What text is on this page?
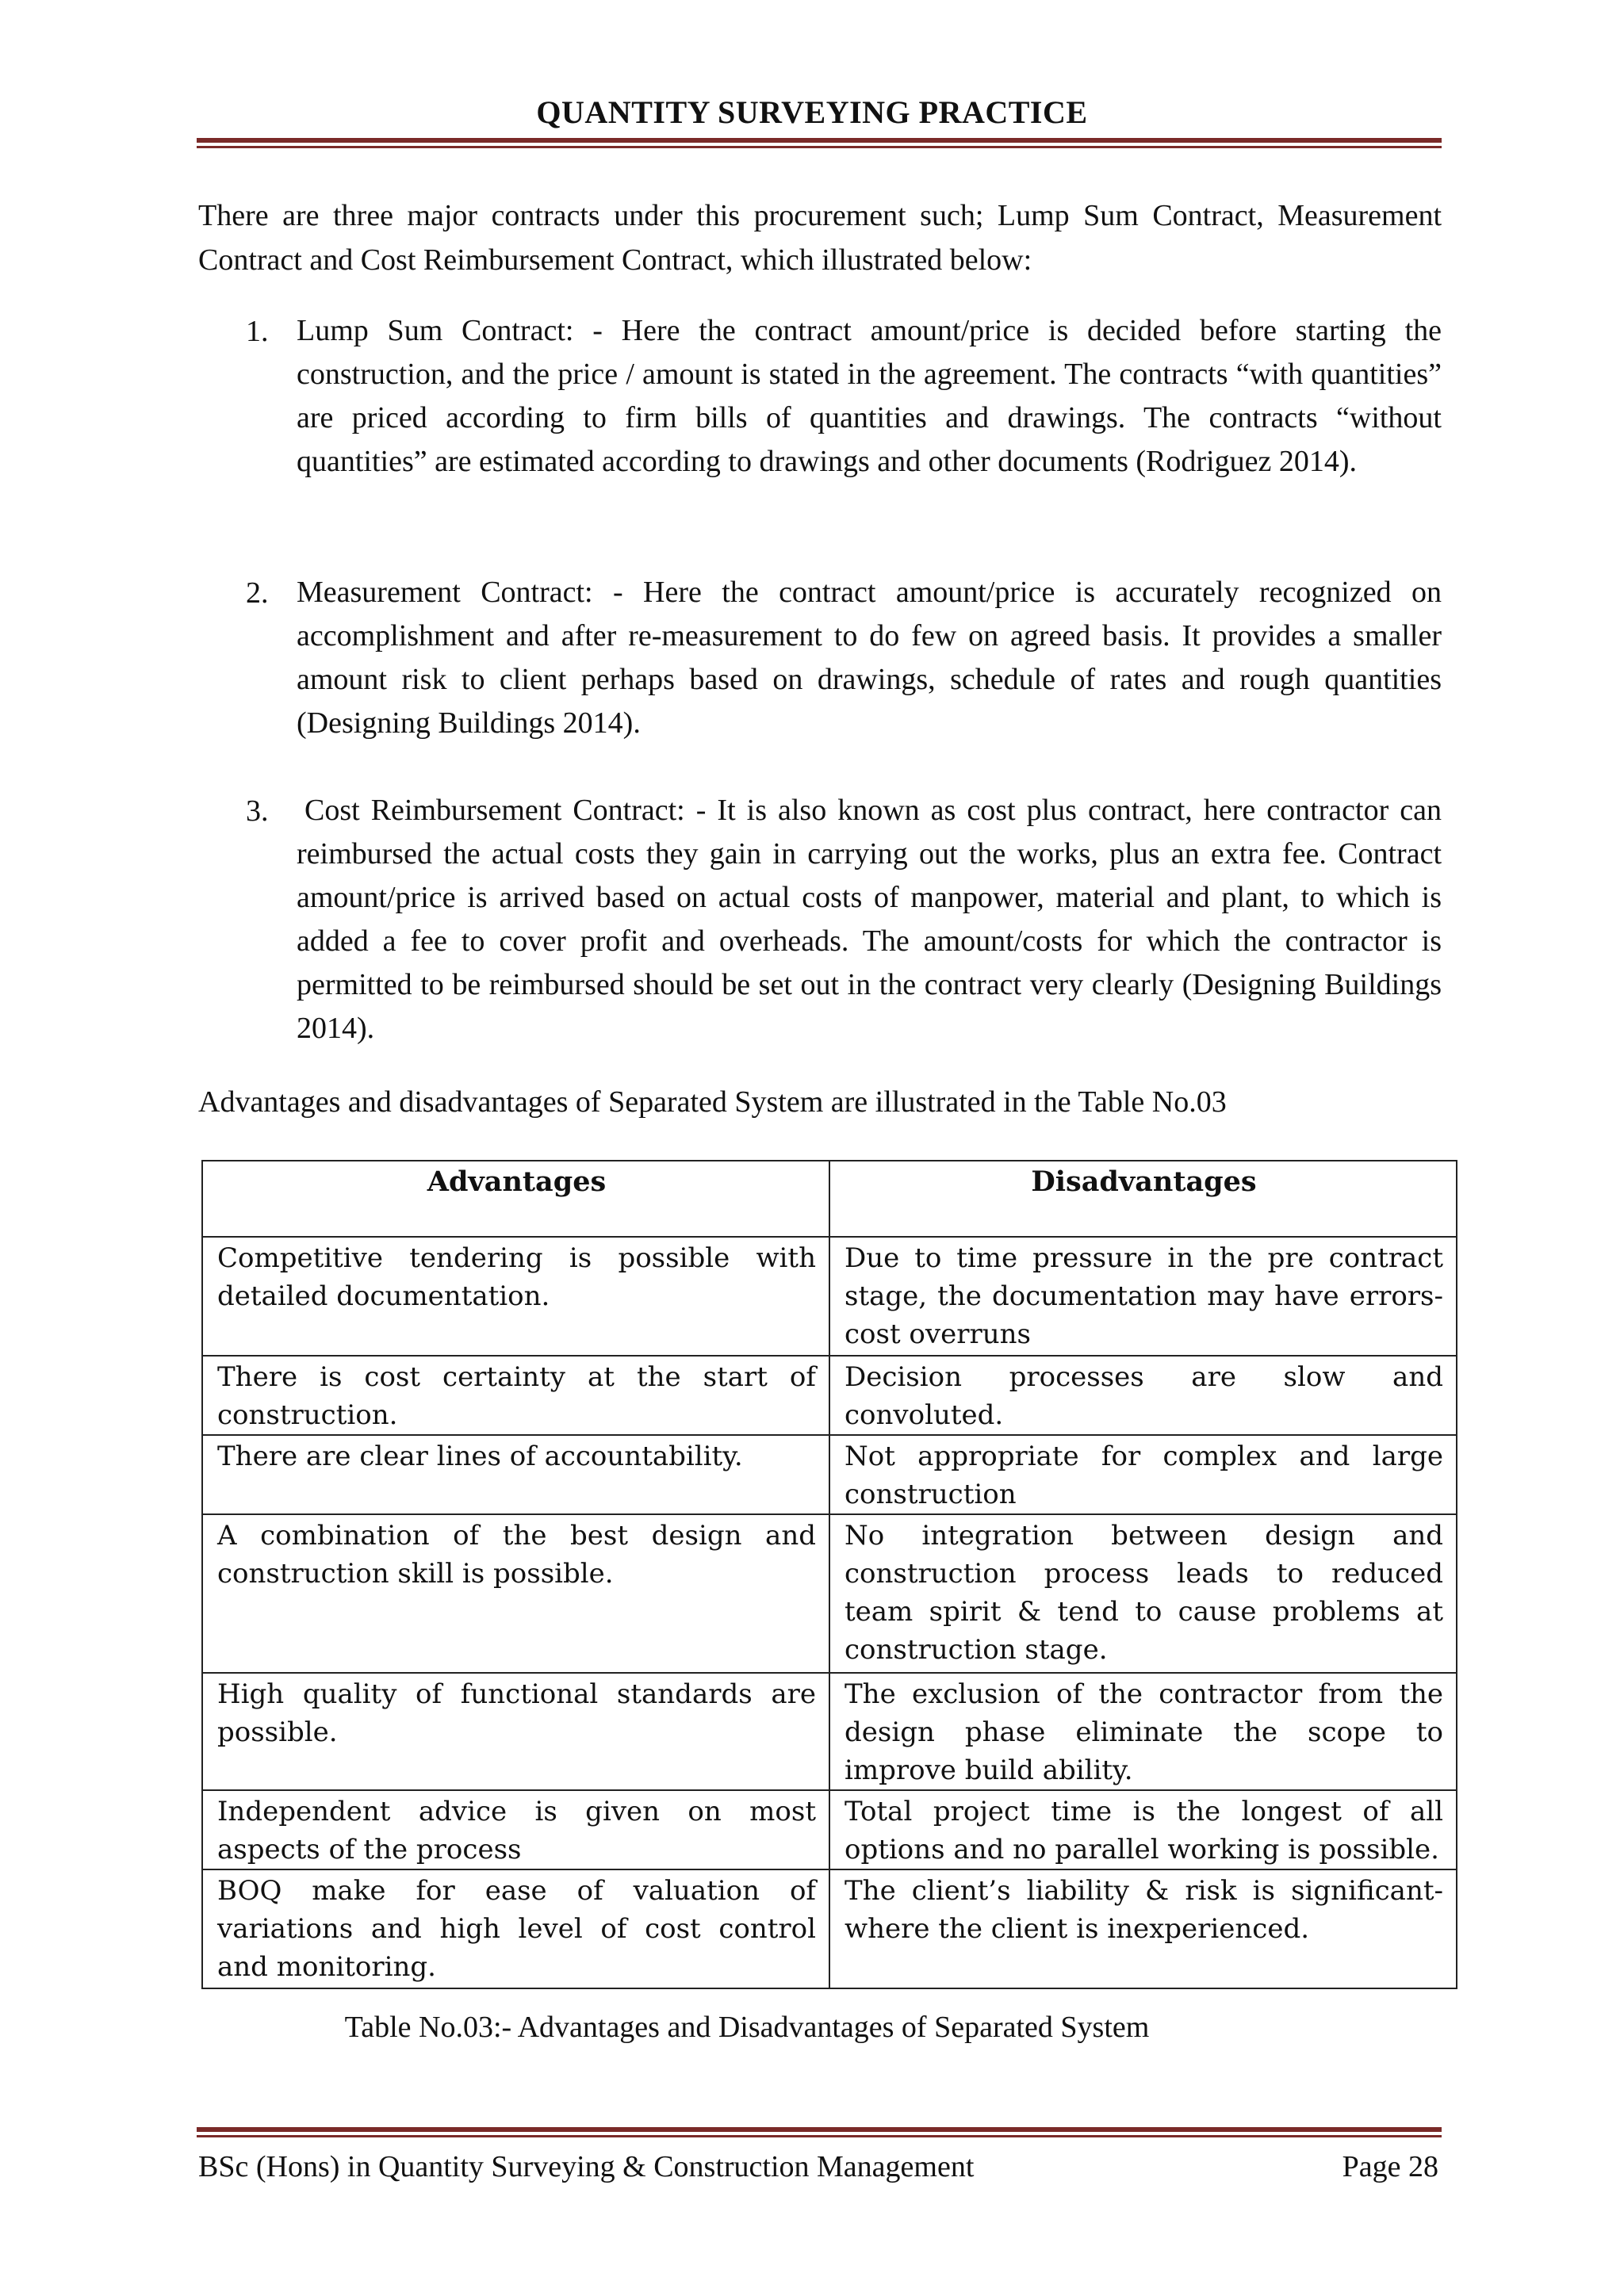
QUANTITY SURVEYING PRACTICE

There are three major contracts under this procurement such; Lump Sum Contract, Measurement Contract and Cost Reimbursement Contract, which illustrated below:

1. Lump Sum Contract: - Here the contract amount/price is decided before starting the construction, and the price / amount is stated in the agreement. The contracts “with quantities” are priced according to firm bills of quantities and drawings. The contracts “without quantities” are estimated according to drawings and other documents (Rodriguez 2014).

2. Measurement Contract: - Here the contract amount/price is accurately recognized on accomplishment and after re-measurement to do few on agreed basis. It provides a smaller amount risk to client perhaps based on drawings, schedule of rates and rough quantities (Designing Buildings 2014).

3. Cost Reimbursement Contract: - It is also known as cost plus contract, here contractor can reimbursed the actual costs they gain in carrying out the works, plus an extra fee. Contract amount/price is arrived based on actual costs of manpower, material and plant, to which is added a fee to cover profit and overheads. The amount/costs for which the contractor is permitted to be reimbursed should be set out in the contract very clearly (Designing Buildings 2014).

Advantages and disadvantages of Separated System are illustrated in the Table No.03
Advantages	Disadvantages
Competitive tendering is possible with detailed documentation.	Due to time pressure in the pre contract stage, the documentation may have errors- cost overruns
There is cost certainty at the start of construction.	Decision processes are slow and convoluted.
There are clear lines of accountability.	Not appropriate for complex and large construction
A combination of the best design and construction skill is possible.	No integration between design and construction process leads to reduced team spirit & tend to cause problems at construction stage.
High quality of functional standards are possible.	The exclusion of the contractor from the design phase eliminate the scope to improve build ability.
Independent advice is given on most aspects of the process	Total project time is the longest of all options and no parallel working is possible.
BOQ make for ease of valuation of variations and high level of cost control and monitoring.	The client’s liability & risk is significant- where the client is inexperienced.
Table No.03:- Advantages and Disadvantages of Separated System
BSc (Hons) in Quantity Surveying & Construction Management	Page 28
